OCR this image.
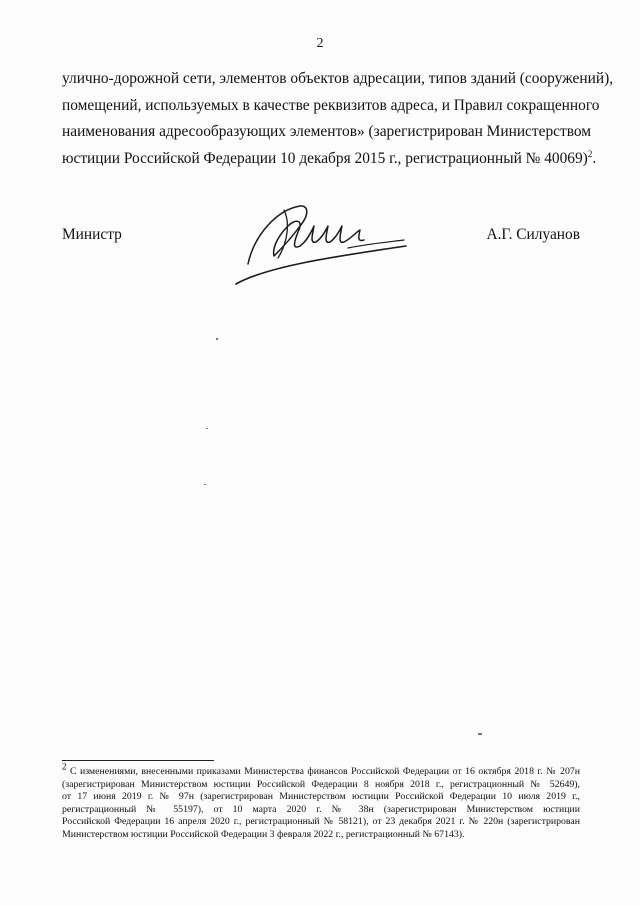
2
улично-дорожной сети, элементов объектов адресации, типов зданий (сооружений),
помещений, используемых в качестве реквизитов адреса, и Правил сокращенного
наименования адресообразующих элементов» (зарегистрирован Министерством
юстиции Российской Федерации 10 декабря 2015 г., регистрационный № 40069)$^2$.
Министр	А.Г. Силуанов
$^2$ С изменениями, внесенными приказами Министерства финансов Российской Федерации от 16 октября 2018 г. № 207н
(зарегистрирован Министерством юстиции Российской Федерации 8 ноября 2018 г., регистрационный № 52649),
от 17 июня 2019 г. № 97н (зарегистрирован Министерством юстиции Российской Федерации 10 июля 2019 г.,
регистрационный № 55197), от 10 марта 2020 г. № 38н (зарегистрирован Министерством юстиции
Российской Федерации 16 апреля 2020 г., регистрационный № 58121), от 23 декабря 2021 г. № 220н (зарегистрирован
Министерством юстиции Российской Федерации 3 февраля 2022 г., регистрационный № 67143).
